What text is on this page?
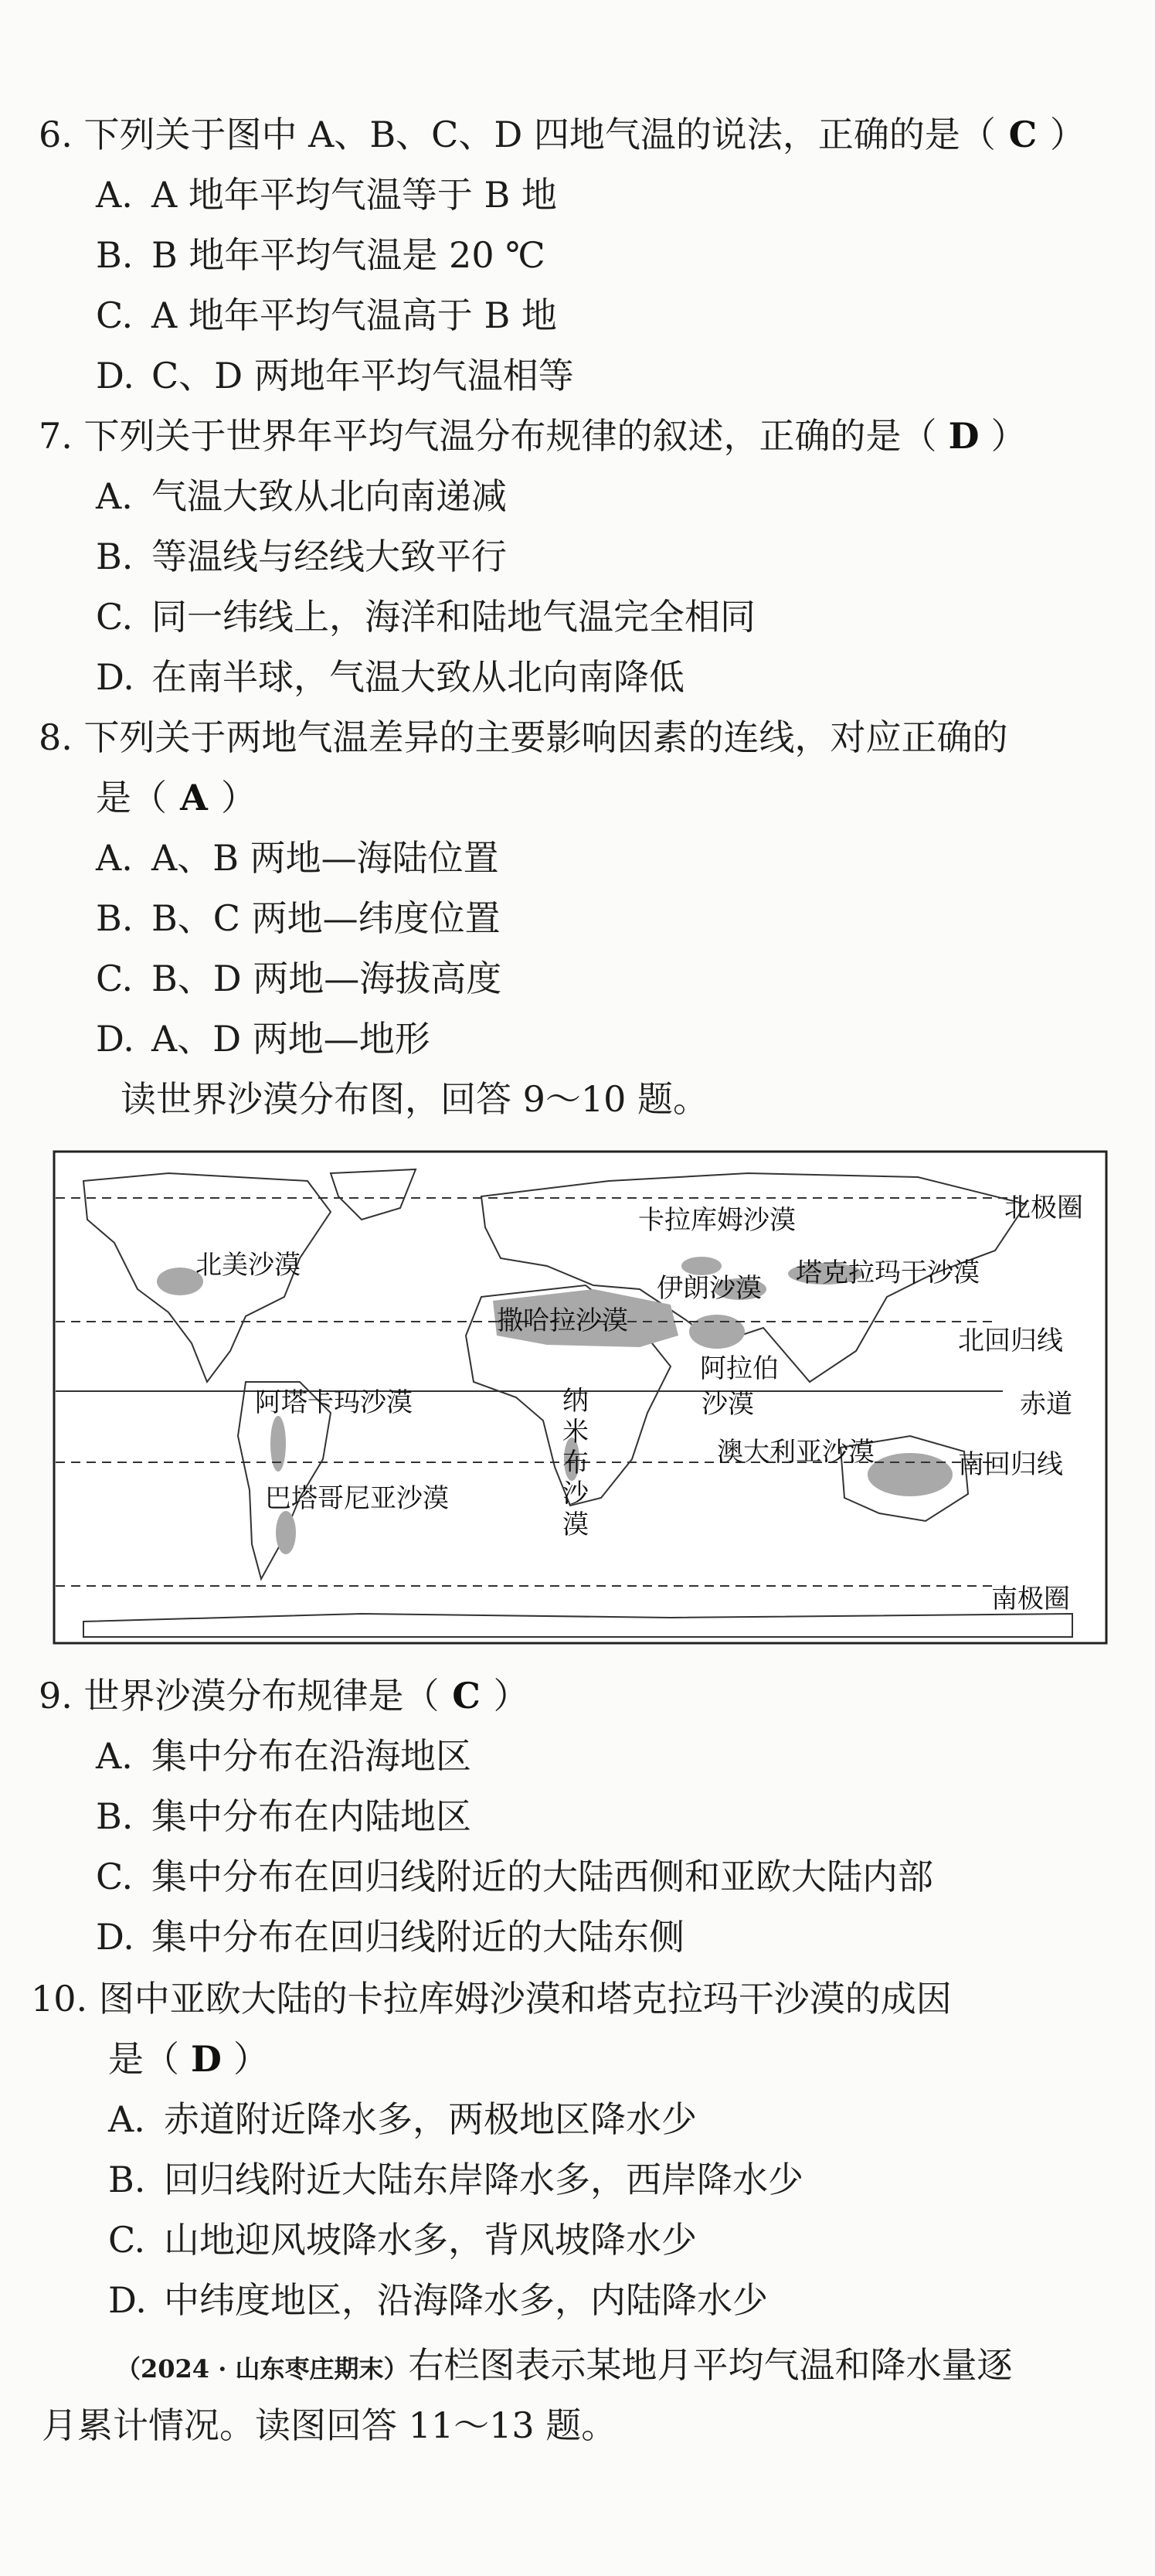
6. 下列关于图中 A、B、C、D 四地气温的说法，正确的是（ C ）
A. A 地年平均气温等于 B 地
B. B 地年平均气温是 20 ℃
C. A 地年平均气温高于 B 地
D. C、D 两地年平均气温相等
7. 下列关于世界年平均气温分布规律的叙述，正确的是（ D ）
A. 气温大致从北向南递减
B. 等温线与经线大致平行
C. 同一纬线上，海洋和陆地气温完全相同
D. 在南半球，气温大致从北向南降低
8. 下列关于两地气温差异的主要影响因素的连线，对应正确的
是（ A ）
A. A、B 两地—海陆位置
B. B、C 两地—纬度位置
C. B、D 两地—海拔高度
D. A、D 两地—地形
读世界沙漠分布图，回答 9～10 题。
卡拉库姆沙漠	北极圈
北美沙漠
伊朗沙漠 塔克拉玛干沙漠
撒哈拉沙漠
北回归线
阿拉伯
沙漠
阿塔卡玛沙漠	赤道
纳
米
布
沙
漠
澳大利亚沙漠	南回归线
巴塔哥尼亚沙漠
南极圈
9. 世界沙漠分布规律是（ C ）
A. 集中分布在沿海地区
B. 集中分布在内陆地区
C. 集中分布在回归线附近的大陆西侧和亚欧大陆内部
D. 集中分布在回归线附近的大陆东侧
10. 图中亚欧大陆的卡拉库姆沙漠和塔克拉玛干沙漠的成因
是（ D ）
A. 赤道附近降水多，两极地区降水少
B. 回归线附近大陆东岸降水多，西岸降水少
C. 山地迎风坡降水多，背风坡降水少
D. 中纬度地区，沿海降水多，内陆降水少
（2024 · 山东枣庄期末）右栏图表示某地月平均气温和降水量逐
月累计情况。读图回答 11～13 题。
